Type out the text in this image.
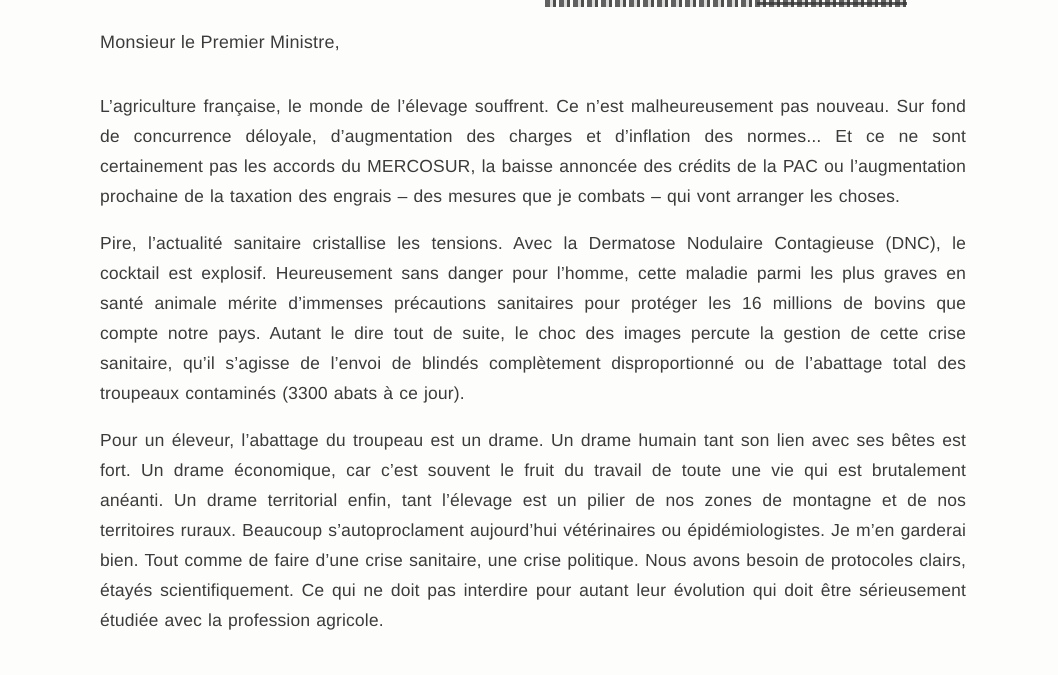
Monsieur le Premier Ministre,

L’agriculture française, le monde de l’élevage souffrent. Ce n’est malheureusement pas nouveau. Sur fond de concurrence déloyale, d’augmentation des charges et d’inflation des normes... Et ce ne sont certainement pas les accords du MERCOSUR, la baisse annoncée des crédits de la PAC ou l’augmentation prochaine de la taxation des engrais – des mesures que je combats – qui vont arranger les choses.

Pire, l’actualité sanitaire cristallise les tensions. Avec la Dermatose Nodulaire Contagieuse (DNC), le cocktail est explosif. Heureusement sans danger pour l’homme, cette maladie parmi les plus graves en santé animale mérite d’immenses précautions sanitaires pour protéger les 16 millions de bovins que compte notre pays. Autant le dire tout de suite, le choc des images percute la gestion de cette crise sanitaire, qu’il s’agisse de l’envoi de blindés complètement disproportionné ou de l’abattage total des troupeaux contaminés (3300 abats à ce jour).

Pour un éleveur, l’abattage du troupeau est un drame. Un drame humain tant son lien avec ses bêtes est fort. Un drame économique, car c’est souvent le fruit du travail de toute une vie qui est brutalement anéanti. Un drame territorial enfin, tant l’élevage est un pilier de nos zones de montagne et de nos territoires ruraux. Beaucoup s’autoproclament aujourd’hui vétérinaires ou épidémiologistes. Je m’en garderai bien. Tout comme de faire d’une crise sanitaire, une crise politique. Nous avons besoin de protocoles clairs, étayés scientifiquement. Ce qui ne doit pas interdire pour autant leur évolution qui doit être sérieusement étudiée avec la profession agricole.
